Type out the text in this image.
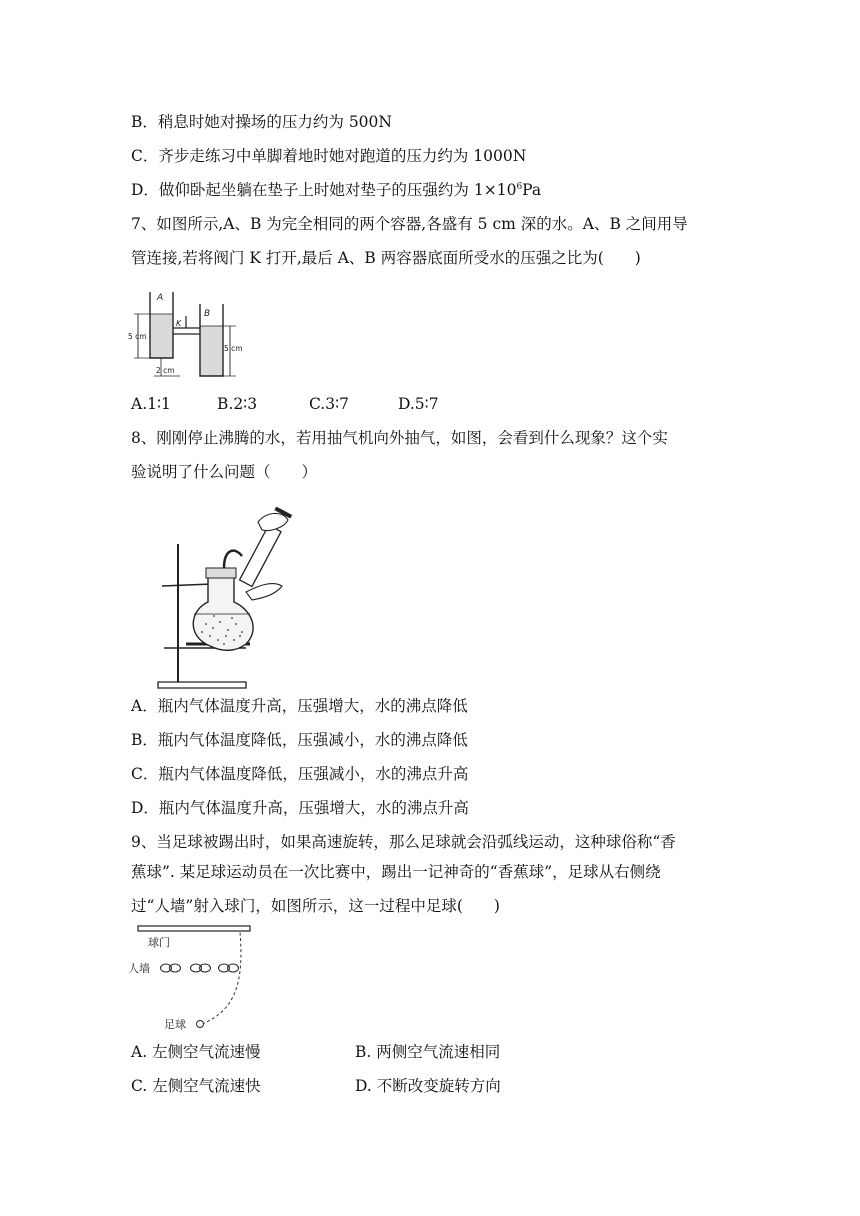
B．稍息时她对操场的压力约为 500N
C．齐步走练习中单脚着地时她对跑道的压力约为 1000N
D．做仰卧起坐躺在垫子上时她对垫子的压强约为 $1\times 10^6Pa$
7、如图所示,A、B 为完全相同的两个容器,各盛有 5 cm 深的水。A、B 之间用导
管连接,若将阀门 K 打开,最后 A、B 两容器底面所受水的压强之比为(　　)
A
B
K
5 cm
5 cm
2 cm
A.1∶1	B.2∶3	C.3∶7	D.5∶7
8、刚刚停止沸腾的水，若用抽气机向外抽气，如图，会看到什么现象？这个实
验说明了什么问题（　　）
A．瓶内气体温度升高，压强增大，水的沸点降低
B．瓶内气体温度降低，压强减小，水的沸点降低
C．瓶内气体温度降低，压强减小，水的沸点升高
D．瓶内气体温度升高，压强增大，水的沸点升高
9、当足球被踢出时，如果高速旋转，那么足球就会沿弧线运动，这种球俗称“香
蕉球”. 某足球运动员在一次比赛中，踢出一记神奇的“香蕉球”，足球从右侧绕
过“人墙”射入球门，如图所示，这一过程中足球(　　)
球门
人墙
足球
A. 左侧空气流速慢	B. 两侧空气流速相同
C. 左侧空气流速快	D. 不断改变旋转方向
